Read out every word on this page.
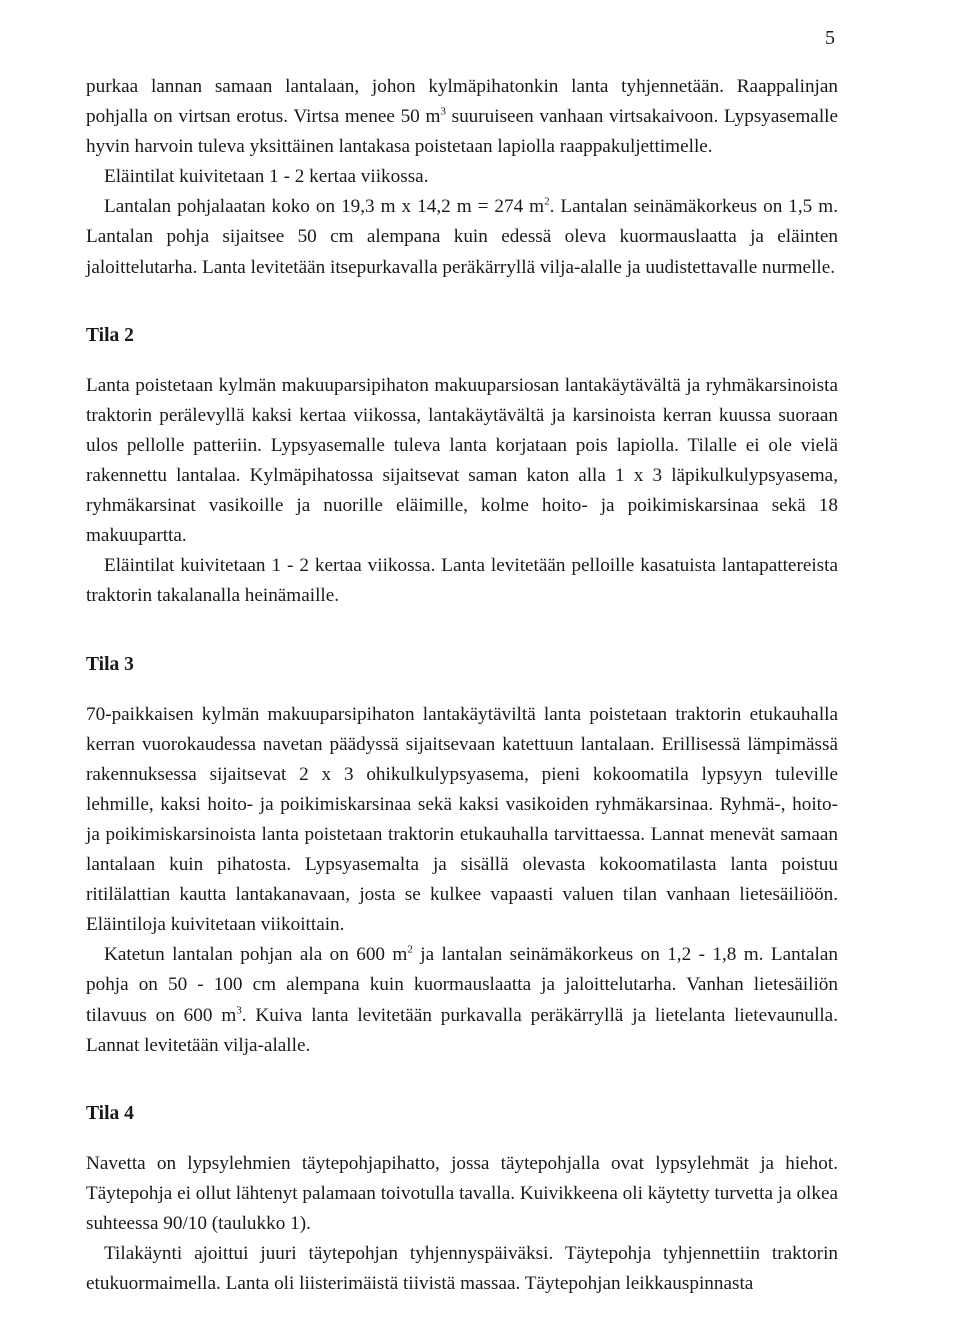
5

purkaa lannan samaan lantalaan, johon kylmäpihatonkin lanta tyhjennetään. Raappalinjan pohjalla on virtsan erotus. Virtsa menee 50 $m^3$ suuruiseen vanhaan virtsakaivoon. Lypsyasemalle hyvin harvoin tuleva yksittäinen lantakasa poistetaan lapiolla raappakuljettimelle.

Eläintilat kuivitetaan 1 - 2 kertaa viikossa.

Lantalan pohjalaatan koko on 19,3 m x 14,2 m = 274 $m^2$. Lantalan seinämäkorkeus on 1,5 m. Lantalan pohja sijaitsee 50 cm alempana kuin edessä oleva kuormauslaatta ja eläinten jaloittelutarha. Lanta levitetään itsepurkavalla peräkärryllä vilja-alalle ja uudistettavalle nurmelle.

Tila 2

Lanta poistetaan kylmän makuuparsipihaton makuuparsiosan lantakäytävältä ja ryhmäkarsinoista traktorin perälevyllä kaksi kertaa viikossa, lantakäytävältä ja karsinoista kerran kuussa suoraan ulos pellolle patteriin. Lypsyasemalle tuleva lanta korjataan pois lapiolla. Tilalle ei ole vielä rakennettu lantalaa. Kylmäpihatossa sijaitsevat saman katon alla 1 x 3 läpikulkulypsyasema, ryhmäkarsinat vasikoille ja nuorille eläimille, kolme hoito- ja poikimiskarsinaa sekä 18 makuupartta.

Eläintilat kuivitetaan 1 - 2 kertaa viikossa. Lanta levitetään pelloille kasatuista lantapattereista traktorin takalanalla heinämaille.

Tila 3

70-paikkaisen kylmän makuuparsipihaton lantakäytäviltä lanta poistetaan traktorin etukauhalla kerran vuorokaudessa navetan päädyssä sijaitsevaan katettuun lantalaan. Erillisessä lämpimässä rakennuksessa sijaitsevat 2 x 3 ohikulkulypsyasema, pieni kokoomatila lypsyyn tuleville lehmille, kaksi hoito- ja poikimiskarsinaa sekä kaksi vasikoiden ryhmäkarsinaa. Ryhmä-, hoito- ja poikimiskarsinoista lanta poistetaan traktorin etukauhalla tarvittaessa. Lannat menevät samaan lantalaan kuin pihatosta. Lypsyasemalta ja sisällä olevasta kokoomatilasta lanta poistuu ritilälattian kautta lantakanavaan, josta se kulkee vapaasti valuen tilan vanhaan lietesäiliöön. Eläintiloja kuivitetaan viikoittain.

Katetun lantalan pohjan ala on 600 $m^2$ ja lantalan seinämäkorkeus on 1,2 - 1,8 m. Lantalan pohja on 50 - 100 cm alempana kuin kuormauslaatta ja jaloittelutarha. Vanhan lietesäiliön tilavuus on 600 $m^3$. Kuiva lanta levitetään purkavalla peräkärryllä ja lietelanta lietevaunulla. Lannat levitetään vilja-alalle.

Tila 4

Navetta on lypsylehmien täytepohjapihatto, jossa täytepohjalla ovat lypsylehmät ja hiehot. Täytepohja ei ollut lähtenyt palamaan toivotulla tavalla. Kuivikkeena oli käytetty turvetta ja olkea suhteessa 90/10 (taulukko 1).

Tilakäynti ajoittui juuri täytepohjan tyhjennyspäiväksi. Täytepohja tyhjennettiin traktorin etukuormaimella. Lanta oli liisterimäistä tiivistä massaa. Täytepohjan leikkauspinnasta
